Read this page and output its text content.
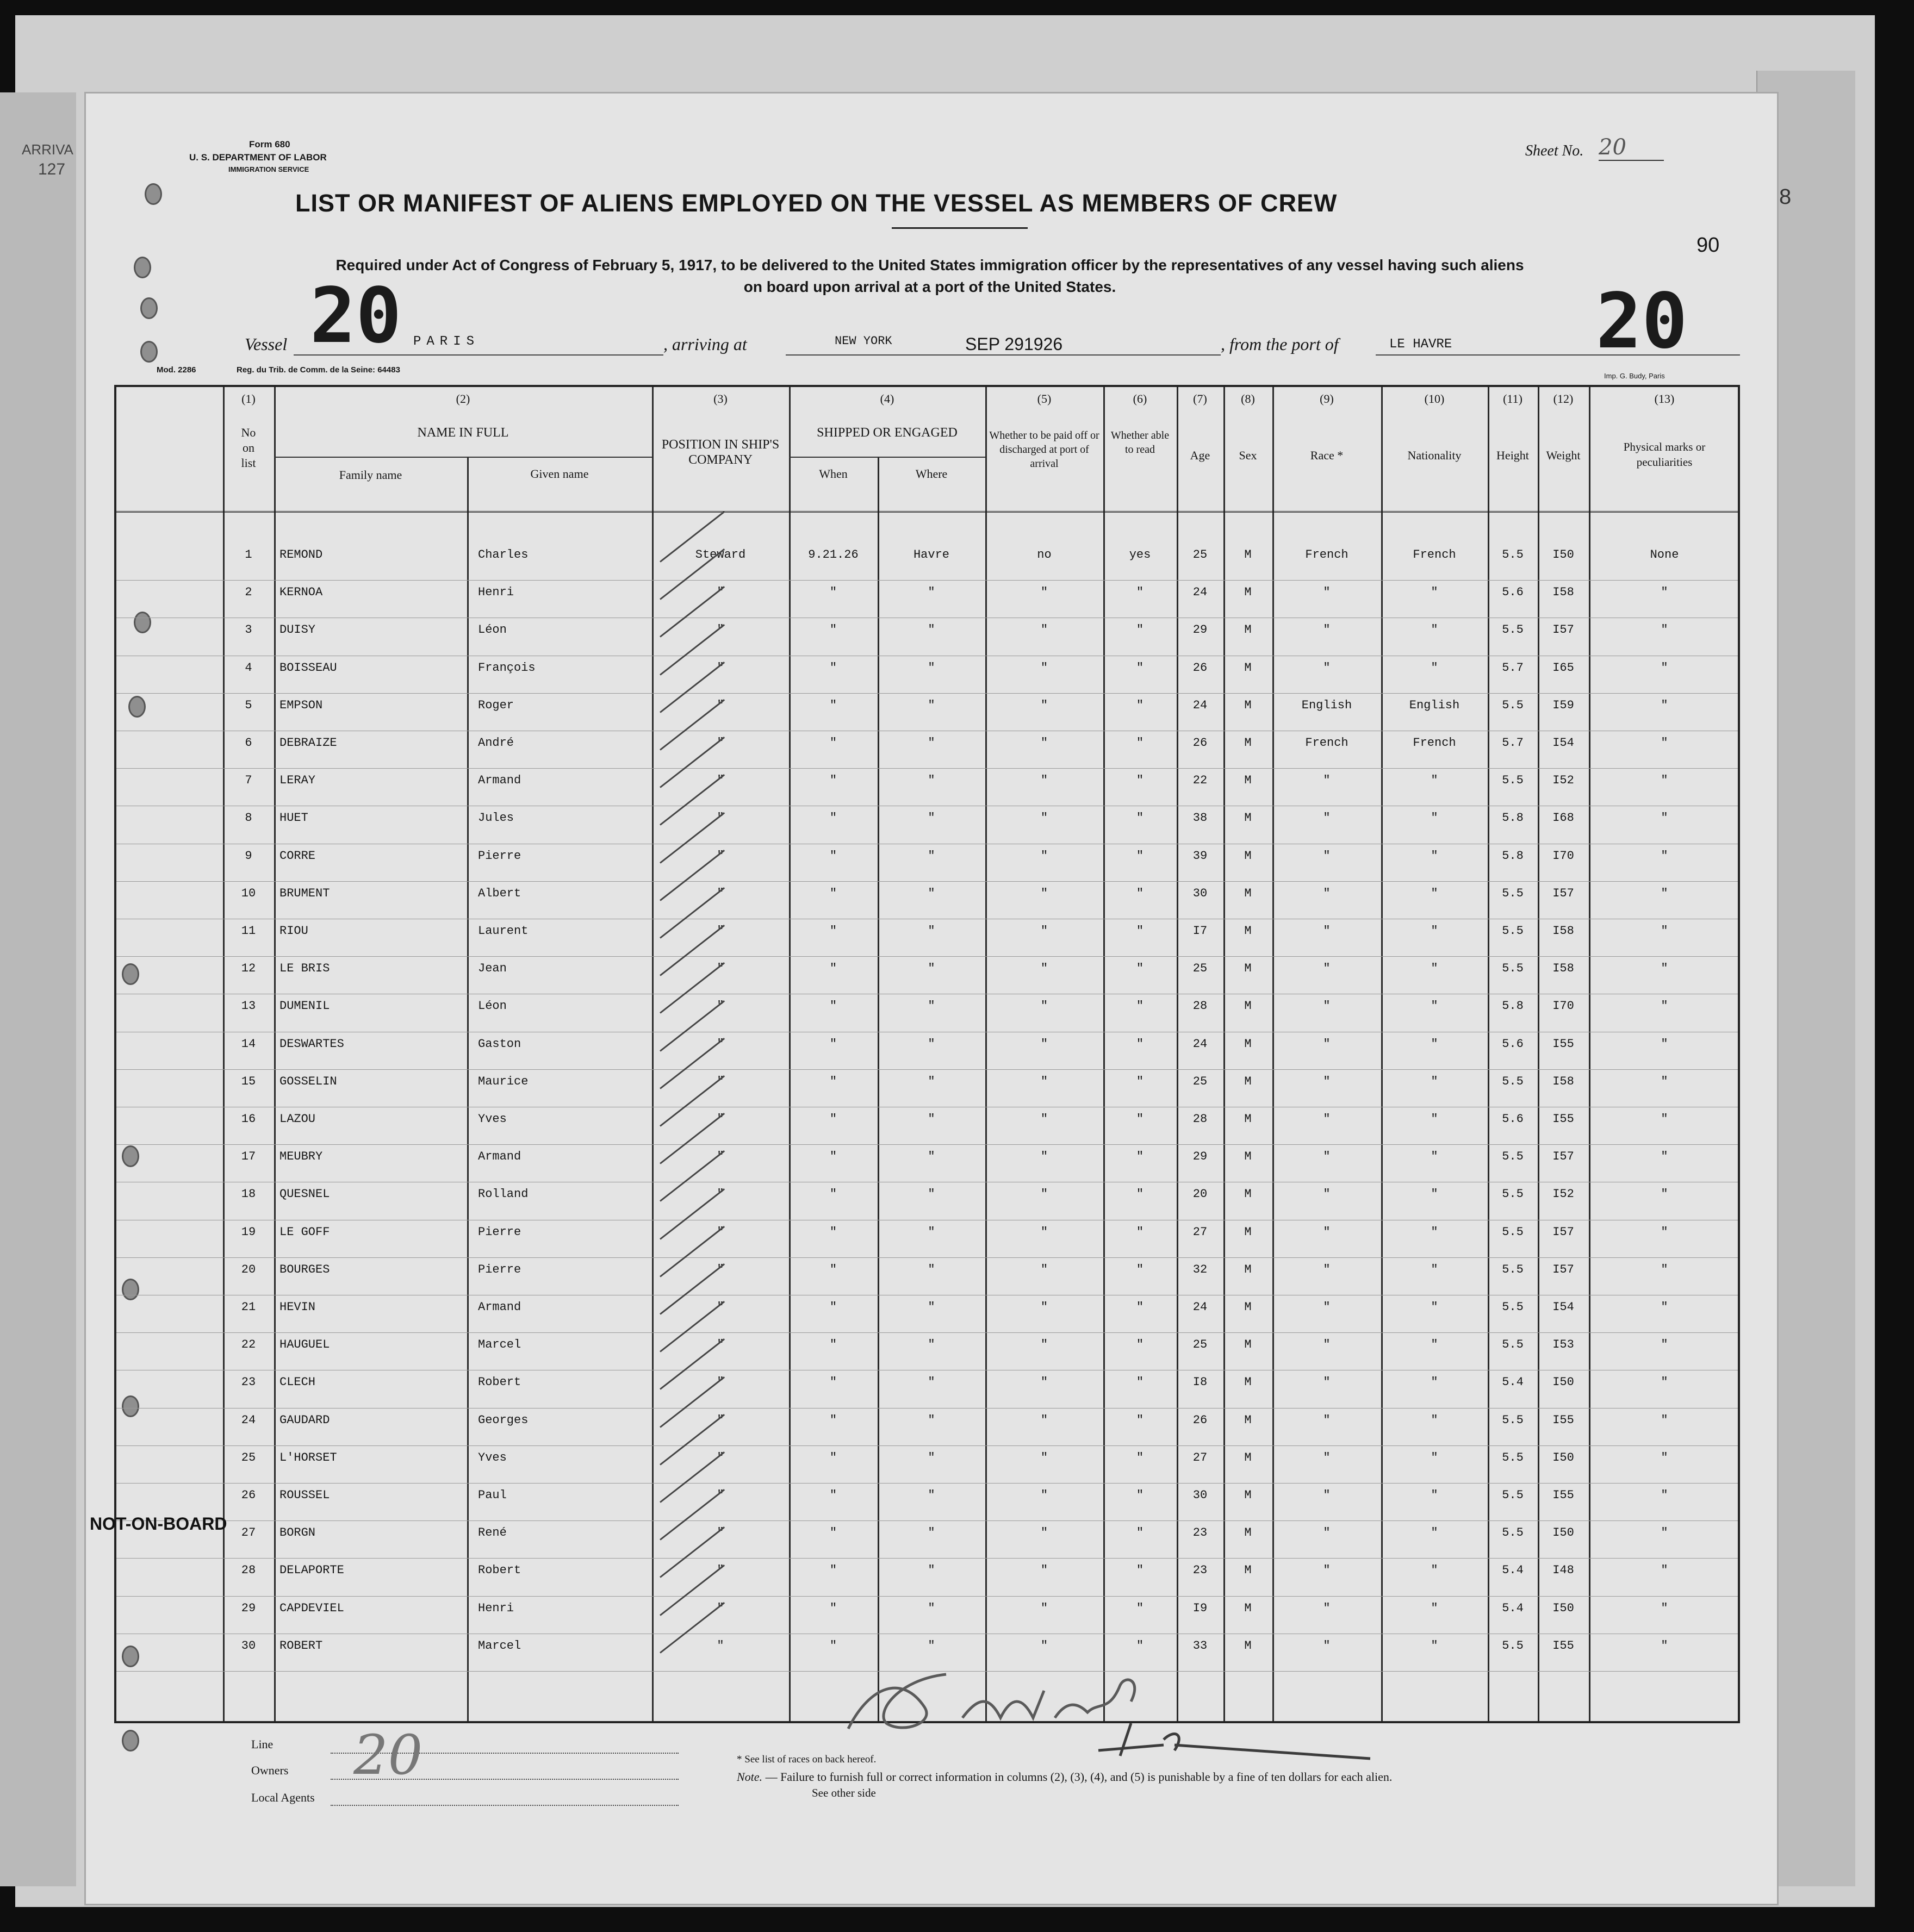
ARRIVA
127
8
Form 680
U. S. DEPARTMENT OF LABOR
IMMIGRATION SERVICE
Sheet No. 20
LIST OR MANIFEST OF ALIENS EMPLOYED ON THE VESSEL AS MEMBERS OF CREW
90
Required under Act of Congress of February 5, 1917, to be delivered to the United States immigration officer by the representatives of any vessel having such aliens
on board upon arrival at a port of the United States.
20	20
Vessel	PARIS	, arriving at	NEW YORK	SEP 291926	, from the port of	LE HAVRE
Mod. 2286	Reg. du Trib. de Comm. de la Seine: 64483
Imp. G. Budy, Paris
(1)
No on list
(2)
NAME IN FULL
Family name	Given name
(3)
POSITION IN SHIP'S COMPANY
(4)
SHIPPED OR ENGAGED
When	Where
(5)
Whether to be paid off or discharged at port of arrival
(6)
Whether able to read
(7)
Age
(8)
Sex
(9)
Race *
(10)
Nationality
(11)
Height
(12)
Weight
(13)
Physical marks or peculiarities
1	REMOND	Charles	Steward	9.21.26	Havre	no	yes	25	M	French	French	5.5	I50	None
2	KERNOA	Henri	"	"	"	"	"	24	M	"	"	5.6	I58	"
3	DUISY	Léon	"	"	"	"	"	29	M	"	"	5.5	I57	"
4	BOISSEAU	François	"	"	"	"	"	26	M	"	"	5.7	I65	"
5	EMPSON	Roger	"	"	"	"	"	24	M	English	English	5.5	I59	"
6	DEBRAIZE	André	"	"	"	"	"	26	M	French	French	5.7	I54	"
7	LERAY	Armand	"	"	"	"	"	22	M	"	"	5.5	I52	"
8	HUET	Jules	"	"	"	"	"	38	M	"	"	5.8	I68	"
9	CORRE	Pierre	"	"	"	"	"	39	M	"	"	5.8	I70	"
10	BRUMENT	Albert	"	"	"	"	"	30	M	"	"	5.5	I57	"
11	RIOU	Laurent	"	"	"	"	"	I7	M	"	"	5.5	I58	"
12	LE BRIS	Jean	"	"	"	"	"	25	M	"	"	5.5	I58	"
13	DUMENIL	Léon	"	"	"	"	"	28	M	"	"	5.8	I70	"
14	DESWARTES	Gaston	"	"	"	"	"	24	M	"	"	5.6	I55	"
15	GOSSELIN	Maurice	"	"	"	"	"	25	M	"	"	5.5	I58	"
16	LAZOU	Yves	"	"	"	"	"	28	M	"	"	5.6	I55	"
17	MEUBRY	Armand	"	"	"	"	"	29	M	"	"	5.5	I57	"
18	QUESNEL	Rolland	"	"	"	"	"	20	M	"	"	5.5	I52	"
19	LE GOFF	Pierre	"	"	"	"	"	27	M	"	"	5.5	I57	"
20	BOURGES	Pierre	"	"	"	"	"	32	M	"	"	5.5	I57	"
21	HEVIN	Armand	"	"	"	"	"	24	M	"	"	5.5	I54	"
22	HAUGUEL	Marcel	"	"	"	"	"	25	M	"	"	5.5	I53	"
23	CLECH	Robert	"	"	"	"	"	I8	M	"	"	5.4	I50	"
24	GAUDARD	Georges	"	"	"	"	"	26	M	"	"	5.5	I55	"
25	L'HORSET	Yves	"	"	"	"	"	27	M	"	"	5.5	I50	"
26	ROUSSEL	Paul	"	"	"	"	"	30	M	"	"	5.5	I55	"
27	BORGN	René	"	"	"	"	"	23	M	"	"	5.5	I50	"
28	DELAPORTE	Robert	"	"	"	"	"	23	M	"	"	5.4	I48	"
29	CAPDEVIEL	Henri	"	"	"	"	"	I9	M	"	"	5.4	I50	"
30	ROBERT	Marcel	"	"	"	"	"	33	M	"	"	5.5	I55	"
NOT-ON-BOARD
Line
Owners
Local Agents
20	* See list of races on back hereof.
Note. — Failure to furnish full or correct information in columns (2), (3), (4), and (5) is punishable by a fine of ten dollars for each alien.
See other side
